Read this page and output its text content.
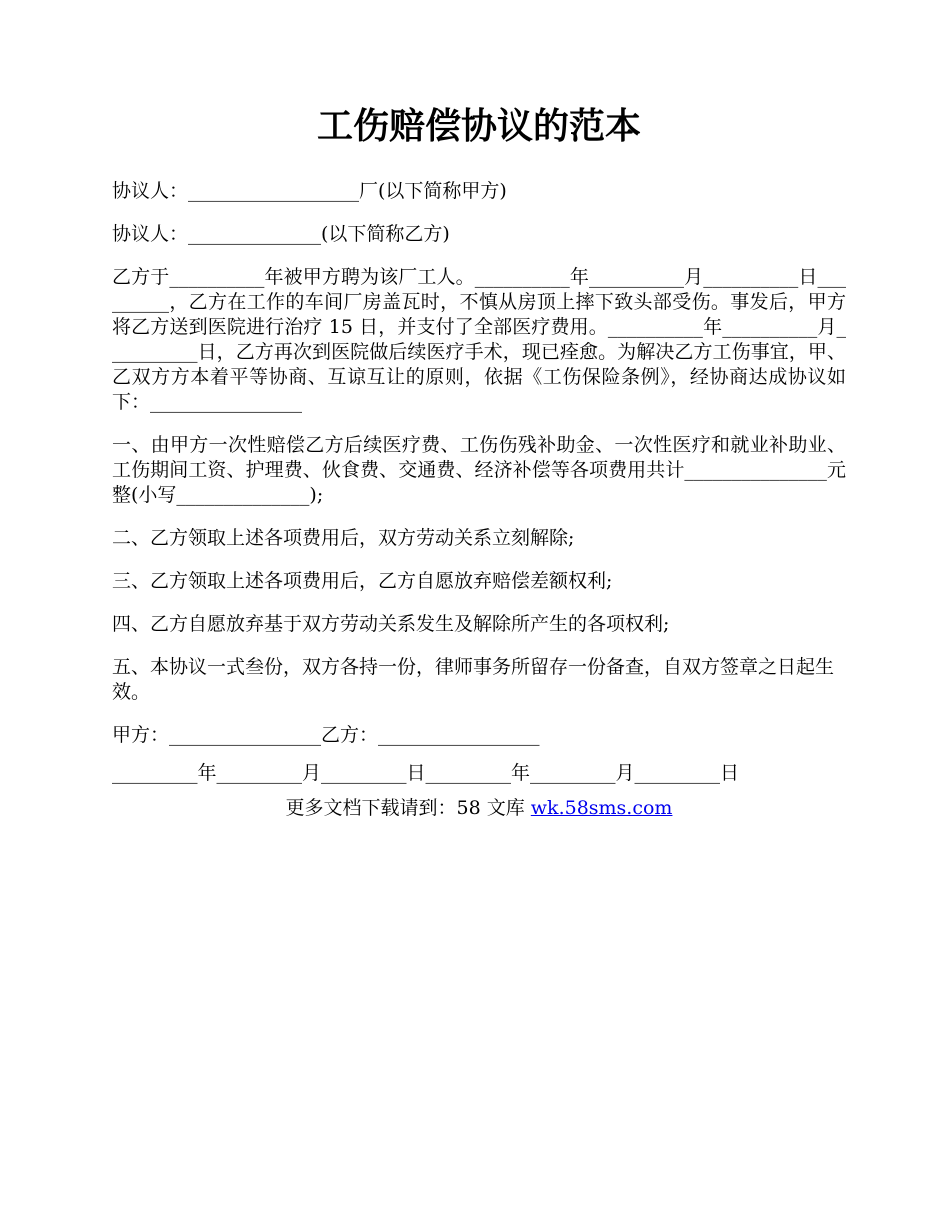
工伤赔偿协议的范本

协议人：__________________厂(以下简称甲方)

协议人：______________(以下简称乙方)

乙方于__________年被甲方聘为该厂工人。__________年__________月__________日_________，乙方在工作的车间厂房盖瓦时，不慎从房顶上摔下致头部受伤。事发后，甲方将乙方送到医院进行治疗 15 日，并支付了全部医疗费用。__________年__________月__________日，乙方再次到医院做后续医疗手术，现已痊愈。为解决乙方工伤事宜，甲、乙双方方本着平等协商、互谅互让的原则，依据《工伤保险条例》，经协商达成协议如下：________________

一、由甲方一次性赔偿乙方后续医疗费、工伤伤残补助金、一次性医疗和就业补助业、工伤期间工资、护理费、伙食费、交通费、经济补偿等各项费用共计_______________元整(小写______________);

二、乙方领取上述各项费用后，双方劳动关系立刻解除;

三、乙方领取上述各项费用后，乙方自愿放弃赔偿差额权利;

四、乙方自愿放弃基于双方劳动关系发生及解除所产生的各项权利;

五、本协议一式叁份，双方各持一份，律师事务所留存一份备查，自双方签章之日起生效。

甲方：________________乙方：_________________

_________年_________月_________日_________年_________月_________日

更多文档下载请到：58 文库 wk.58sms.com
